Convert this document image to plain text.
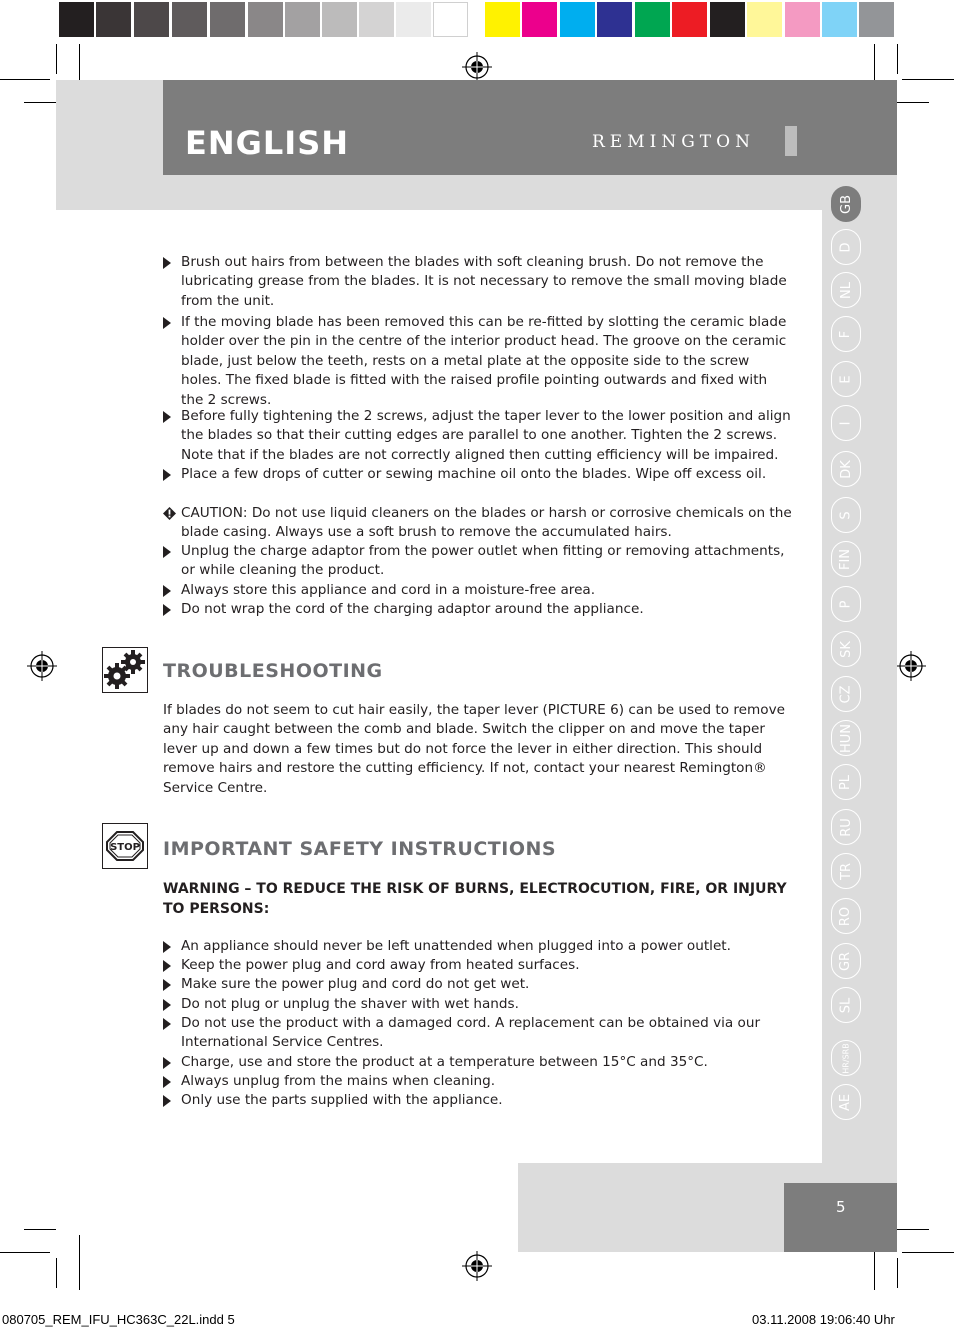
ENGLISH	REMINGTON
GB
D
NL
F
E
I
DK
S
FIN
P
SK
CZ
HUN
PL
RU
TR
RO
GR
SL
HR/SRB
AE
Brush out hairs from between the blades with soft cleaning brush. Do not remove the lubricating grease from the blades. It is not necessary to remove the small moving blade from the unit.
If the moving blade has been removed this can be re-fitted by slotting the ceramic blade holder over the pin in the centre of the interior product head. The groove on the ceramic blade, just below the teeth, rests on a metal plate at the opposite side to the screw holes. The fixed blade is fitted with the raised profile pointing outwards and fixed with the 2 screws.
Before fully tightening the 2 screws, adjust the taper lever to the lower position and align the blades so that their cutting edges are parallel to one another. Tighten the 2 screws. Note that if the blades are not correctly aligned then cutting efficiency will be impaired.
Place a few drops of cutter or sewing machine oil onto the blades. Wipe off excess oil.
CAUTION: Do not use liquid cleaners on the blades or harsh or corrosive chemicals on the blade casing. Always use a soft brush to remove the accumulated hairs.
Unplug the charge adaptor from the power outlet when fitting or removing attachments, or while cleaning the product.
Always store this appliance and cord in a moisture-free area.
Do not wrap the cord of the charging adaptor around the appliance.
TROUBLESHOOTING
If blades do not seem to cut hair easily, the taper lever (PICTURE 6) can be used to remove any hair caught between the comb and blade. Switch the clipper on and move the taper lever up and down a few times but do not force the lever in either direction. This should remove hairs and restore the cutting efficiency. If not, contact your nearest Remington® Service Centre.
STOP IMPORTANT SAFETY INSTRUCTIONS
WARNING – TO REDUCE THE RISK OF BURNS, ELECTROCUTION, FIRE, OR INJURY TO PERSONS:
An appliance should never be left unattended when plugged into a power outlet.
Keep the power plug and cord away from heated surfaces.
Make sure the power plug and cord do not get wet.
Do not plug or unplug the shaver with wet hands.
Do not use the product with a damaged cord. A replacement can be obtained via our International Service Centres.
Charge, use and store the product at a temperature between 15°C and 35°C.
Always unplug from the mains when cleaning.
Only use the parts supplied with the appliance.
5
080705_REM_IFU_HC363C_22L.indd 5	03.11.2008 19:06:40 Uhr
